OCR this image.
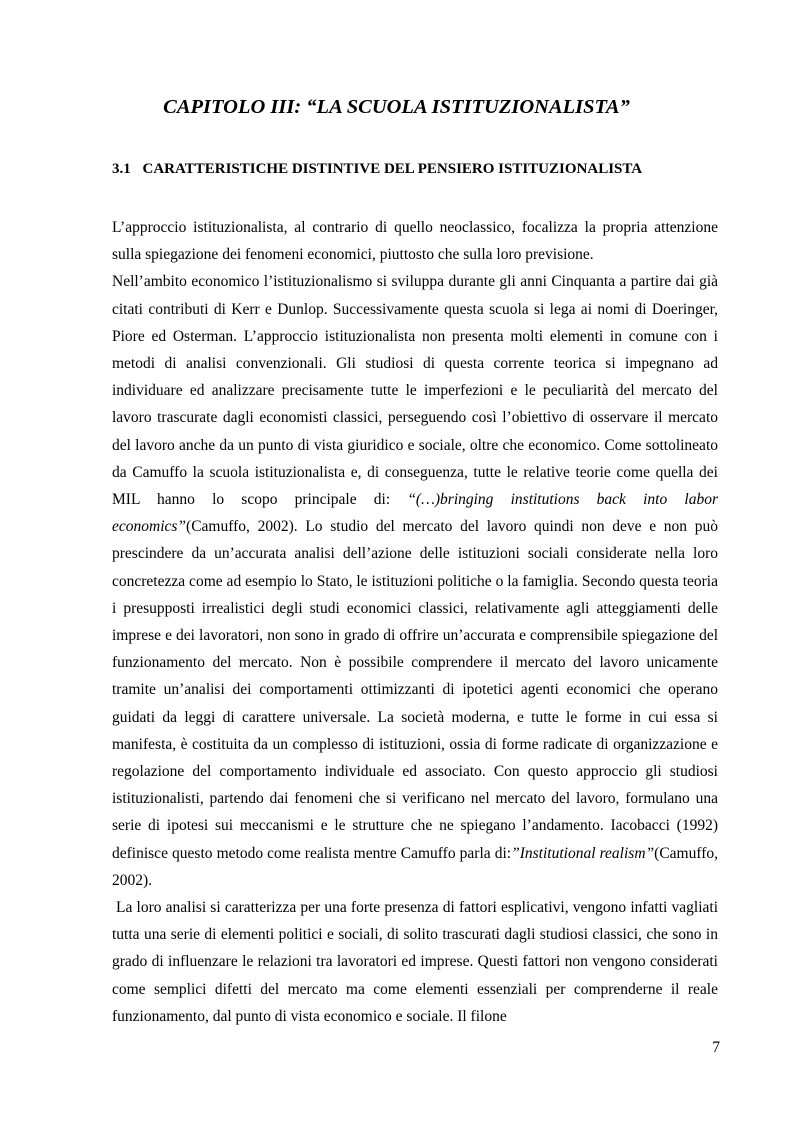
CAPITOLO III: “LA SCUOLA ISTITUZIONALISTA”
3.1 CARATTERISTICHE DISTINTIVE DEL PENSIERO ISTITUZIONALISTA

L’approccio istituzionalista, al contrario di quello neoclassico, focalizza la propria attenzione sulla spiegazione dei fenomeni economici, piuttosto che sulla loro previsione.

Nell’ambito economico l’istituzionalismo si sviluppa durante gli anni Cinquanta a partire dai già citati contributi di Kerr e Dunlop. Successivamente questa scuola si lega ai nomi di Doeringer, Piore ed Osterman. L’approccio istituzionalista non presenta molti elementi in comune con i metodi di analisi convenzionali. Gli studiosi di questa corrente teorica si impegnano ad individuare ed analizzare precisamente tutte le imperfezioni e le peculiarità del mercato del lavoro trascurate dagli economisti classici, perseguendo così l’obiettivo di osservare il mercato del lavoro anche da un punto di vista giuridico e sociale, oltre che economico. Come sottolineato da Camuffo la scuola istituzionalista e, di conseguenza, tutte le relative teorie come quella dei MIL hanno lo scopo principale di: “(…)bringing institutions back into labor economics”(Camuffo, 2002). Lo studio del mercato del lavoro quindi non deve e non può prescindere da un’accurata analisi dell’azione delle istituzioni sociali considerate nella loro concretezza come ad esempio lo Stato, le istituzioni politiche o la famiglia. Secondo questa teoria i presupposti irrealistici degli studi economici classici, relativamente agli atteggiamenti delle imprese e dei lavoratori, non sono in grado di offrire un’accurata e comprensibile spiegazione del funzionamento del mercato. Non è possibile comprendere il mercato del lavoro unicamente tramite un’analisi dei comportamenti ottimizzanti di ipotetici agenti economici che operano guidati da leggi di carattere universale. La società moderna, e tutte le forme in cui essa si manifesta, è costituita da un complesso di istituzioni, ossia di forme radicate di organizzazione e regolazione del comportamento individuale ed associato. Con questo approccio gli studiosi istituzionalisti, partendo dai fenomeni che si verificano nel mercato del lavoro, formulano una serie di ipotesi sui meccanismi e le strutture che ne spiegano l’andamento. Iacobacci (1992) definisce questo metodo come realista mentre Camuffo parla di:”Institutional realism”(Camuffo, 2002).

La loro analisi si caratterizza per una forte presenza di fattori esplicativi, vengono infatti vagliati tutta una serie di elementi politici e sociali, di solito trascurati dagli studiosi classici, che sono in grado di influenzare le relazioni tra lavoratori ed imprese. Questi fattori non vengono considerati come semplici difetti del mercato ma come elementi essenziali per comprenderne il reale funzionamento, dal punto di vista economico e sociale. Il filone

7
